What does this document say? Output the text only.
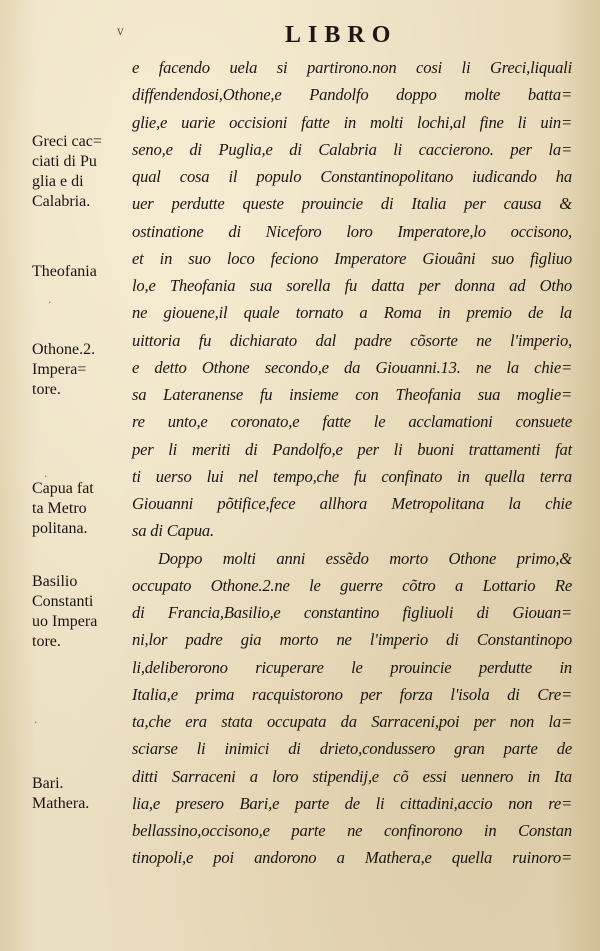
v	LIBRO
e facendo uela si partirono.non cosi li Greci,liquali
diffendendosi,Othone,e Pandolfo doppo molte batta=
glie,e uarie occisioni fatte in molti lochi,al fine li uin=
seno,e di Puglia,e di Calabria li caccierono. per la=
qual cosa il populo Constantinopolitano iudicando ha
uer perdutte queste prouincie di Italia per causa &
ostinatione di Niceforo loro Imperatore,lo occisono,
et in suo loco feciono Imperatore Giouãni suo figliuo
lo,e Theofania sua sorella fu datta per donna ad Otho
ne giouene,il quale tornato a Roma in premio de la
uittoria fu dichiarato dal padre cõsorte ne l'imperio,
e detto Othone secondo,e da Giouanni.13. ne la chie=
sa Lateranense fu insieme con Theofania sua moglie=
re unto,e coronato,e fatte le acclamationi consuete
per li meriti di Pandolfo,e per li buoni trattamenti fat
ti uerso lui nel tempo,che fu confinato in quella terra
Giouanni põtifice,fece allhora Metropolitana la chie
sa di Capua.
Doppo molti anni essẽdo morto Othone primo,&
occupato Othone.2.ne le guerre cõtro a Lottario Re
di Francia,Basilio,e constantino figliuoli di Giouan=
ni,lor padre gia morto ne l'imperio di Constantinopo
li,deliberorono ricuperare le prouincie perdutte in
Italia,e prima racquistorono per forza l'isola di Cre=
ta,che era stata occupata da Sarraceni,poi per non la=
sciarse li inimici di drieto,condussero gran parte de
ditti Sarraceni a loro stipendij,e cõ essi uennero in Ita
lia,e presero Bari,e parte de li cittadini,accio non re=
bellassino,occisono,e parte ne confinorono in Constan
tinopoli,e poi andorono a Mathera,e quella ruinoro=
Greci cac=
ciati di Pu
glia e di
Calabria.
Theofania
Othone.2.
Impera=
tore.
Capua fat
ta Metro
politana.
Basilio
Constanti
uo Impera
tore.
Bari.
Mathera.
·
·
·
